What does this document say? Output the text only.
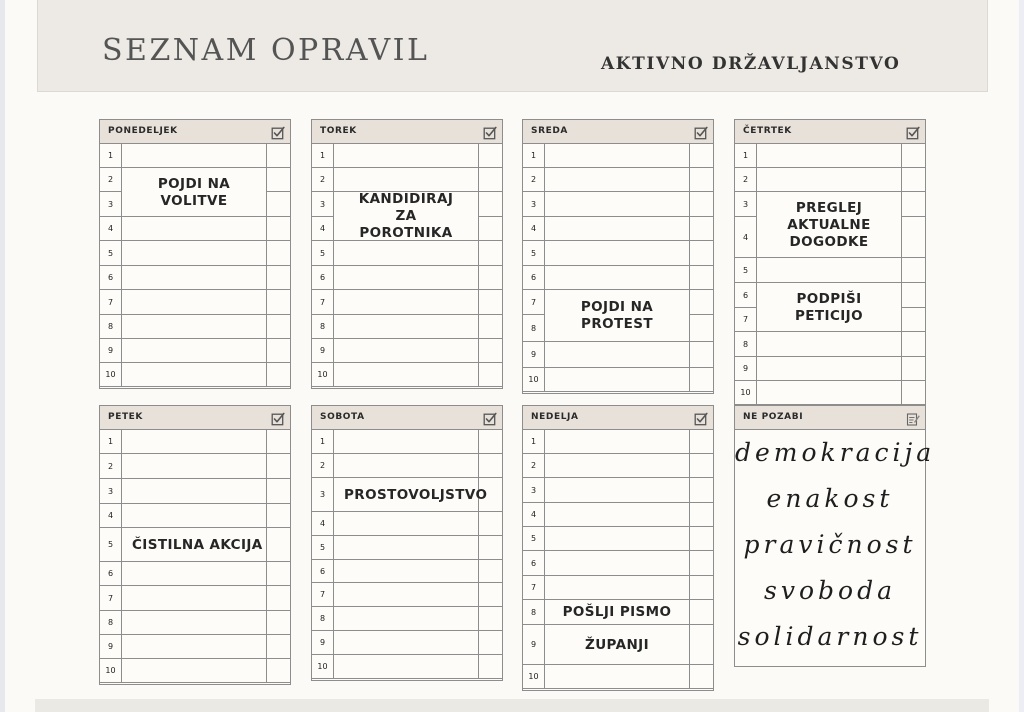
SEZNAM OPRAVIL	AKTIVNO DRŽAVLJANSTVO
PONEDELJEK
1
2
3
4
5
6
7
8
9
10
POJDI NA VOLITVE
TOREK
1
2
3
4
5
6
7
8
9
10
KANDIDIRAJ ZA POROTNIKA
SREDA
1
2
3
4
5
6
7
8
9
10
POJDI NA PROTEST
ČETRTEK
1
2
3
4
5
6
7
8
9
10
PREGLEJ AKTUALNE DOGODKE
PODPIŠI PETICIJO
PETEK
1
2
3
4
5
6
7
8
9
10
ČISTILNA AKCIJA
SOBOTA
1
2
3
4
5
6
7
8
9
10
PROSTOVOLJSTVO
NEDELJA
1
2
3
4
5
6
7
8
9
10
POŠLJI PISMO
ŽUPANJI
NE POZABI
demokracija
enakost
pravičnost
svoboda
solidarnost
